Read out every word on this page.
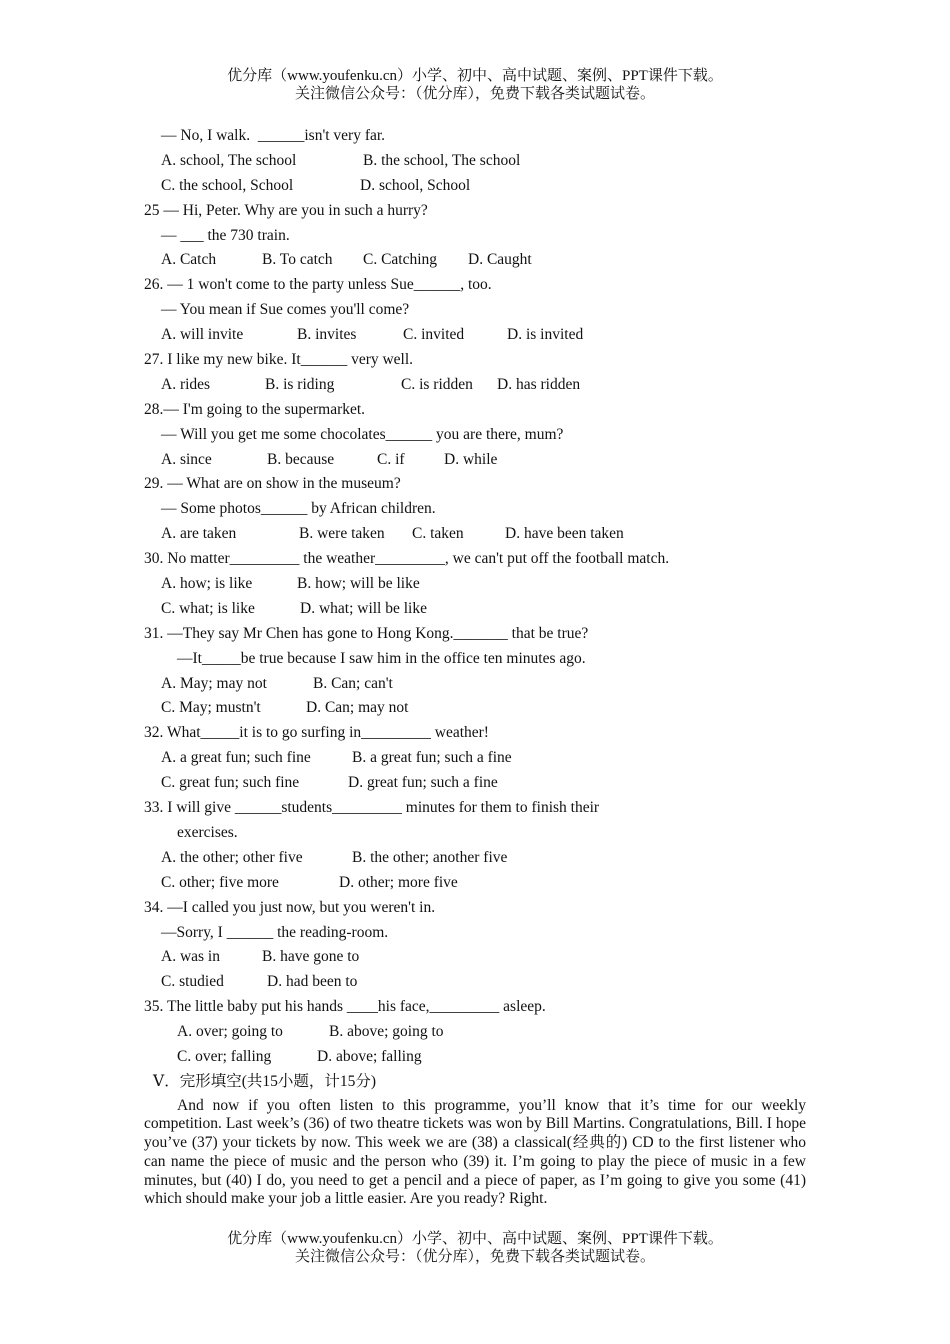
优分库（www.youfenku.cn）小学、初中、高中试题、案例、PPT课件下载。
关注微信公众号：（优分库），免费下载各类试题试卷。
— No, I walk.  ______isn't very far.
A. school, The school	B. the school, The school
C. the school, School	D. school, School
25 — Hi, Peter. Why are you in such a hurry?
— ___ the 730 train.
A. Catch	B. To catch	C. Catching	D. Caught
26. — 1 won't come to the party unless Sue______, too.
— You mean if Sue comes you'll come?
A. will invite	B. invites	C. invited	D. is invited
27. I like my new bike. It______ very well.
A. rides	B. is riding	C. is ridden	D. has ridden
28.— I'm going to the supermarket.
— Will you get me some chocolates______ you are there, mum?
A. since	B. because	C. if	D. while
29. — What are on show in the museum?
— Some photos______ by African children.
A. are taken	B. were taken	C. taken	D. have been taken
30. No matter_________ the weather_________, we can't put off the football match.
A. how; is like	B. how; will be like
C. what; is like	D. what; will be like
31. —They say Mr Chen has gone to Hong Kong._______ that be true?
—It_____be true because I saw him in the office ten minutes ago.
A. May; may not	B. Can; can't
C. May; mustn't	D. Can; may not
32. What_____it is to go surfing in_________ weather!
A. a great fun; such fine	B. a great fun; such a fine
C. great fun; such fine	D. great fun; such a fine
33. I will give ______students_________ minutes for them to finish their
exercises.
A. the other; other five	B. the other; another five
C. other; five more	D. other; more five
34. —I called you just now, but you weren't in.
—Sorry, I ______ the reading-room.
A. was in	B. have gone to
C. studied	D. had been to
35. The little baby put his hands ____his face,_________ asleep.
A. over; going to	B. above; going to
C. over; falling	D. above; falling
Ⅴ．完形填空(共15小题，计15分)
And now if you often listen to this programme, you’ll know that it’s time for our weekly competition. Last week’s (36) of two theatre tickets was won by Bill Martins. Congratulations, Bill. I hope you’ve (37) your tickets by now. This week we are (38) a classical(经典的) CD to the first listener who can name the piece of music and the person who (39) it. I’m going to play the piece of music in a few minutes, but (40) I do, you need to get a pencil and a piece of paper, as I’m going to give you some (41) which should make your job a little easier. Are you ready? Right.
优分库（www.youfenku.cn）小学、初中、高中试题、案例、PPT课件下载。
关注微信公众号：（优分库），免费下载各类试题试卷。
